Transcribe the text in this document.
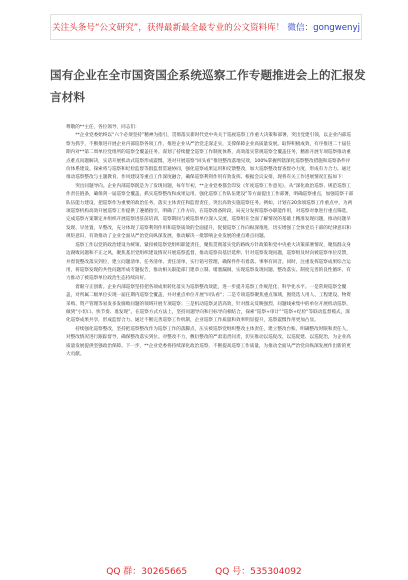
关注头条号“公文研究”，获得最新最全最专业的公文资料库！ 微信：gongwenyj
国有企业在全市国资国企系统巡察工作专题推进会上的汇报发言材料

尊敬的**主任，各位领导，同志们：

**企业党委始终以“六个必须坚持”精神为指引，贯彻落实新时代党中央关于巡视巡察工作重大决策和部署，突出党建引领，以企业内部巡察为抓手，不断推进开展企业内部巡察各项工作，推进企业从严治党走深走实，支撑保障企业高质量发展。取得积极成效，有序推进二十届任期内对**第二周单位党组所的巡察全覆盖任务。谋划了持续健全巡察工作制度体系，高效落实常规巡察全覆盖任务，精准开展专项巡察推动重点难点问题解决，实话开展机动式巡察形成震慑，进对开展巡察“回头看”推进整改落地见效，100%掌握所辖深化巡察整改措施和巡察条件评价体系建设。探索将与巡察和纪检监督等群监督贯通协同，强化巡察成果运用和反馈整改，加大巡察整改督查督办力度，形成有力合力。通过推动巡察整改与主题教育、作风建设等重点工作深度融合，确保巡察利剑作用有效发挥。根据会议安排，现将有关工作进展情况汇报如下：

突出问题导向。企业内部巡察既是为了发现问题，每年年初，**企业党委都会印发《年度巡察工作意见》，从“深化政治巡察、规范巡察工作责任链条，确保剑一届巡察全覆盖、抓实巡察整改和成果运用、强化巡察工作队伍建设”等方面提出工作部署，明确巡察重点，加强巡察干部队伍能力建设，把巡察作为重要的政治任务，落实主体责任和监督责任，突出高效实施巡察任务。例如，计划在20余项巡察工作重点中，为两项巡察机构高效开展巡察工作提供了遵循指引，明确了工作方向，在巡察准备阶段，局充分发挥巡察办职能作用，对巡察对象进行重点筛选，完成巡察方案制定并组织开展巡察进驻前培训，巡察期间与被巡察单位深入交流，巡察组在全面了解情况的基础上精准发现问题，推动问题早发现、早处置、早整改，充分体现了巡察利剑作用和巡察质效的全面提升，促使巡察工作向纵深推进，切实增强了全体党员干部的纪律意识和规矩意识，有效推动了企业全面从严治党向纵深发展，推动解决一批影响企业发展的重点难点问题。

巡察工作以党的政治建设为统领，紧扣被巡察党组织职能责任，聚焦贯彻落实党的路线方针政策和党中央重大决策部署情况，聚焦群众身边腐败问题和不正之风，聚焦基层党组织建设情况开展巡察监督，推动巡察向基层延伸。针对巡察发现问题，巡察组及时向被巡察单位反馈，并督促整改落实到位，建立问题清单、任务清单、责任清单，实行销号管理，确保件件有着落、事事有回音。同时，注重发挥巡察成果综合运用，将巡察发现的共性问题形成专题报告，推动相关职能部门建章立制、堵塞漏洞，实现巡察发现问题、整改落实、制度完善的良性循环，有力推动了被巡察单位政治生态持续向好。

着眼守正创新。企业内部巡察坚持把各项成果转化落实为巡察整改效能，进一步提升巡察工作规范化、科学化水平。一是常规巡察全覆盖，对所属二级单位实现一届任期内巡察全覆盖，并对重点单位开展“回头看”；二是专项巡察聚焦重点领域，围绕选人用人、工程建设、物资采购、资产管理等易发多发腐败问题的领域开展专项巡察；三是机动巡察灵活高效，针对群众反映强烈、问题线索集中的单位开展机动巡察，做到“小切口、快节奏、准发现”。在巡察方式方法上，坚持问题导向和目标导向相结合，探索“巡察+审计”“巡察+纪检”等联动监督模式，深化巡察成果共享，形成监督合力。通过不断完善巡察工作机制，企业巡察工作质量和效率明显提升，巡察震慑作用更加凸显。

持续强化巡察整改，坚持把巡察整改作为巡察工作的落脚点，压实被巡察党组织整改主体责任，建立整改台账，明确整改时限和责任人，对整改情况进行跟踪督导，确保整改落实到位。对整改不力、敷衍整改的严肃追责问责，切实推动以巡促改、以巡促建、以巡促治，为企业高质量发展提供坚强政治保障。下一步，**企业党委将持续深化政治巡察，不断提高巡察工作质量，为推动全面从严治党向纵深发展作出新的更大贡献。

QQ 群：30265665	QQ 号：535304092
